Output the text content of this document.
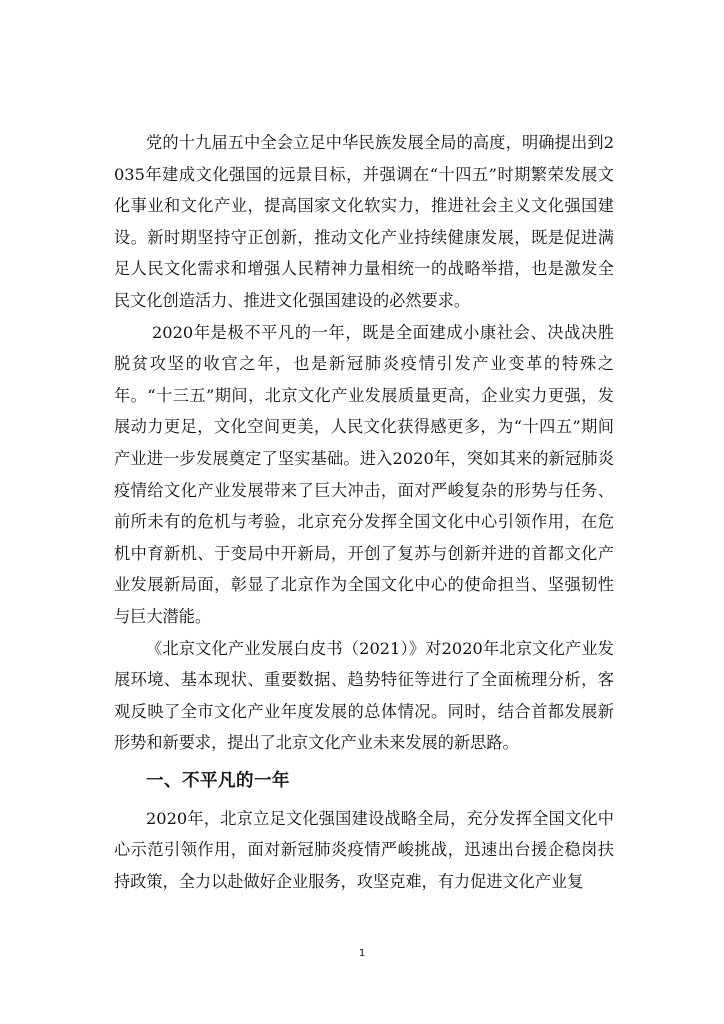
党的十九届五中全会立足中华民族发展全局的高度，明确提出到2035年建成文化强国的远景目标，并强调在“十四五”时期繁荣发展文化事业和文化产业，提高国家文化软实力，推进社会主义文化强国建设。新时期坚持守正创新，推动文化产业持续健康发展，既是促进满足人民文化需求和增强人民精神力量相统一的战略举措，也是激发全民文化创造活力、推进文化强国建设的必然要求。

2020年是极不平凡的一年，既是全面建成小康社会、决战决胜脱贫攻坚的收官之年，也是新冠肺炎疫情引发产业变革的特殊之年。“十三五”期间，北京文化产业发展质量更高，企业实力更强，发展动力更足，文化空间更美，人民文化获得感更多，为“十四五”期间产业进一步发展奠定了坚实基础。进入2020年，突如其来的新冠肺炎疫情给文化产业发展带来了巨大冲击，面对严峻复杂的形势与任务、前所未有的危机与考验，北京充分发挥全国文化中心引领作用，在危机中育新机、于变局中开新局，开创了复苏与创新并进的首都文化产业发展新局面，彰显了北京作为全国文化中心的使命担当、坚强韧性与巨大潜能。

《北京文化产业发展白皮书（2021）》对2020年北京文化产业发展环境、基本现状、重要数据、趋势特征等进行了全面梳理分析，客观反映了全市文化产业年度发展的总体情况。同时，结合首都发展新形势和新要求，提出了北京文化产业未来发展的新思路。

一、不平凡的一年

2020年，北京立足文化强国建设战略全局，充分发挥全国文化中心示范引领作用，面对新冠肺炎疫情严峻挑战，迅速出台援企稳岗扶持政策，全力以赴做好企业服务，攻坚克难，有力促进文化产业复

1
